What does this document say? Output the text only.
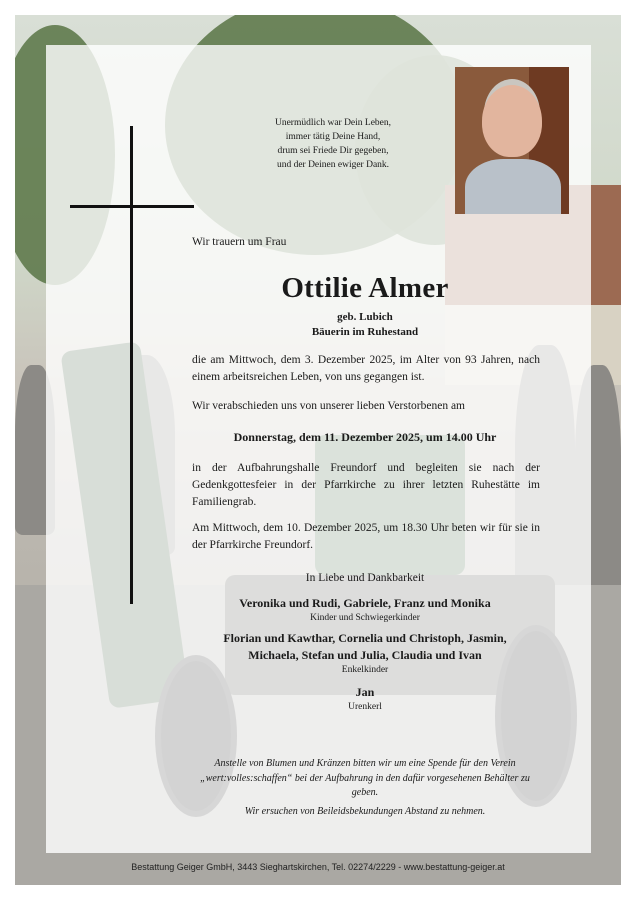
Unermüdlich war Dein Leben,
immer tätig Deine Hand,
drum sei Friede Dir gegeben,
und der Deinen ewiger Dank.
Wir trauern um Frau
Ottilie Almer
geb. Lubich
Bäuerin im Ruhestand
die am Mittwoch, dem 3. Dezember 2025, im Alter von 93 Jahren, nach einem arbeitsreichen Leben, von uns gegangen ist.
Wir verabschieden uns von unserer lieben Verstorbenen am
Donnerstag, dem 11. Dezember 2025, um 14.00 Uhr
in der Aufbahrungshalle Freundorf und begleiten sie nach der Gedenkgottesfeier in der Pfarrkirche zu ihrer letzten Ruhestätte im Familiengrab.
Am Mittwoch, dem 10. Dezember 2025, um 18.30 Uhr beten wir für sie in der Pfarrkirche Freundorf.
In Liebe und Dankbarkeit
Veronika und Rudi, Gabriele, Franz und Monika
Kinder und Schwiegerkinder
Florian und Kawthar, Cornelia und Christoph, Jasmin, Michaela, Stefan und Julia, Claudia und Ivan
Enkelkinder
Jan
Urenkerl
Anstelle von Blumen und Kränzen bitten wir um eine Spende für den Verein „wert:volles:schaffen“ bei der Aufbahrung in den dafür vorgesehenen Behälter zu geben.
Wir ersuchen von Beileidsbekundungen Abstand zu nehmen.
Bestattung Geiger GmbH, 3443 Sieghartskirchen, Tel. 02274/2229 - www.bestattung-geiger.at
